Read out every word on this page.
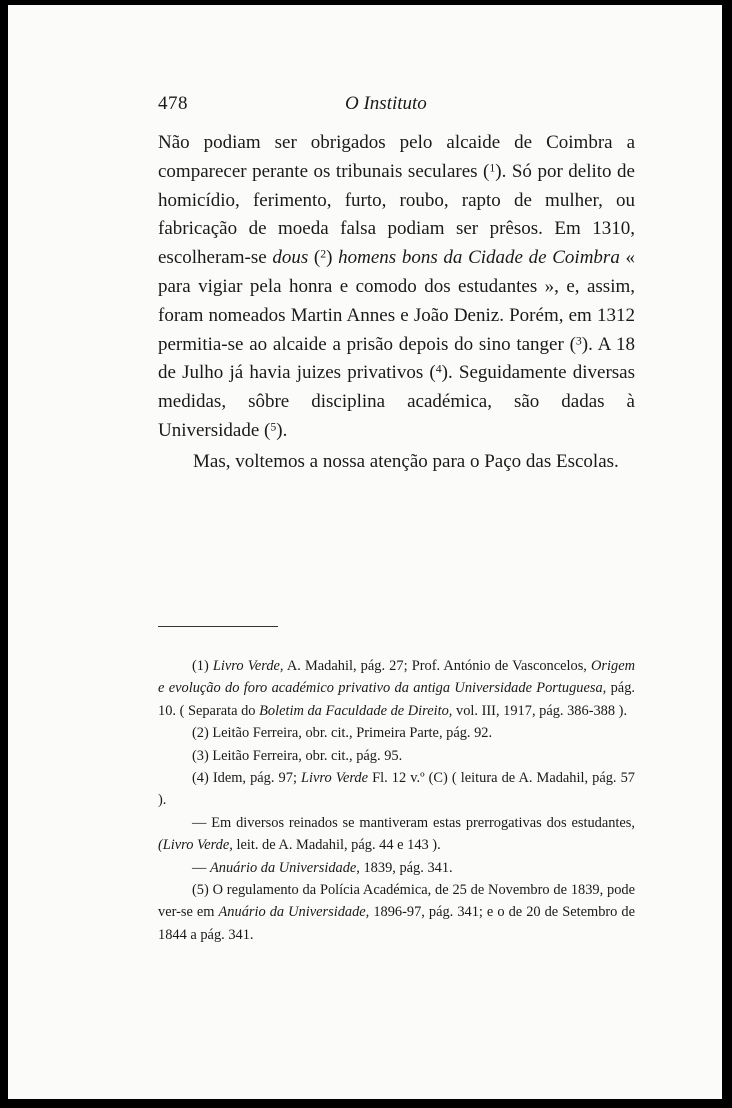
478	O Instituto

Não podiam ser obrigados pelo alcaide de Coimbra a comparecer perante os tribunais seculares ($^1$). Só por delito de homicídio, ferimento, furto, roubo, rapto de mulher, ou fabricação de moeda falsa podiam ser prêsos. Em 1310, escolheram-se dous ($^2$) homens bons da Cidade de Coimbra « para vigiar pela honra e comodo dos estudantes », e, assim, foram nomeados Martin Annes e João Deniz. Porém, em 1312 permitia-se ao alcaide a prisão depois do sino tanger ($^3$). A 18 de Julho já havia juizes privativos ($^4$). Seguidamente diversas medidas, sôbre disciplina académica, são dadas à Universidade ($^5$).

Mas, voltemos a nossa atenção para o Paço das Escolas.

(1) Livro Verde, A. Madahil, pág. 27; Prof. António de Vasconcelos, Origem e evolução do foro académico privativo da antiga Universidade Portuguesa, pág. 10. ( Separata do Boletim da Faculdade de Direito, vol. III, 1917, pág. 386-388 ).

(2) Leitão Ferreira, obr. cit., Primeira Parte, pág. 92.

(3) Leitão Ferreira, obr. cit., pág. 95.

(4) Idem, pág. 97; Livro Verde Fl. 12 v.º (C) ( leitura de A. Madahil, pág. 57 ).

— Em diversos reinados se mantiveram estas prerrogativas dos estudantes, (Livro Verde, leit. de A. Madahil, pág. 44 e 143 ).

— Anuário da Universidade, 1839, pág. 341.

(5) O regulamento da Polícia Académica, de 25 de Novembro de 1839, pode ver-se em Anuário da Universidade, 1896-97, pág. 341; e o de 20 de Setembro de 1844 a pág. 341.
